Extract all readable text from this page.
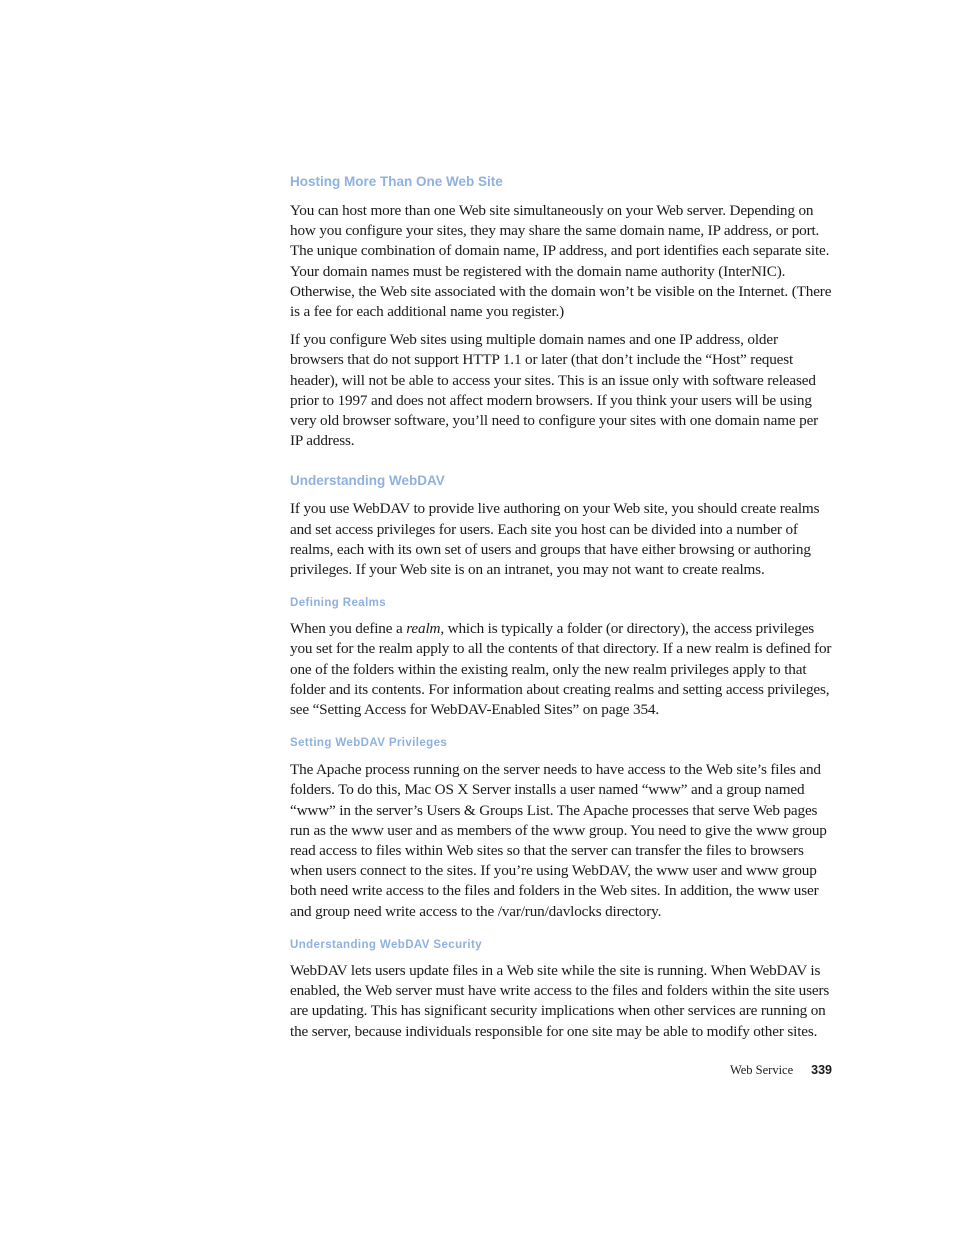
Hosting More Than One Web Site

You can host more than one Web site simultaneously on your Web server. Depending on how you configure your sites, they may share the same domain name, IP address, or port. The unique combination of domain name, IP address, and port identifies each separate site. Your domain names must be registered with the domain name authority (InterNIC). Otherwise, the Web site associated with the domain won’t be visible on the Internet. (There is a fee for each additional name you register.)

If you configure Web sites using multiple domain names and one IP address, older browsers that do not support HTTP 1.1 or later (that don’t include the “Host” request header), will not be able to access your sites. This is an issue only with software released prior to 1997 and does not affect modern browsers. If you think your users will be using very old browser software, you’ll need to configure your sites with one domain name per IP address.

Understanding WebDAV

If you use WebDAV to provide live authoring on your Web site, you should create realms and set access privileges for users. Each site you host can be divided into a number of realms, each with its own set of users and groups that have either browsing or authoring privileges. If your Web site is on an intranet, you may not want to create realms.

Defining Realms

When you define a realm, which is typically a folder (or directory), the access privileges you set for the realm apply to all the contents of that directory. If a new realm is defined for one of the folders within the existing realm, only the new realm privileges apply to that folder and its contents. For information about creating realms and setting access privileges, see “Setting Access for WebDAV-Enabled Sites” on page 354.

Setting WebDAV Privileges

The Apache process running on the server needs to have access to the Web site’s files and folders. To do this, Mac OS X Server installs a user named “www” and a group named “www” in the server’s Users & Groups List. The Apache processes that serve Web pages run as the www user and as members of the www group. You need to give the www group read access to files within Web sites so that the server can transfer the files to browsers when users connect to the sites. If you’re using WebDAV, the www user and www group both need write access to the files and folders in the Web sites. In addition, the www user and group need write access to the /var/run/davlocks directory.

Understanding WebDAV Security

WebDAV lets users update files in a Web site while the site is running. When WebDAV is enabled, the Web server must have write access to the files and folders within the site users are updating. This has significant security implications when other services are running on the server, because individuals responsible for one site may be able to modify other sites.

Web Service 339
